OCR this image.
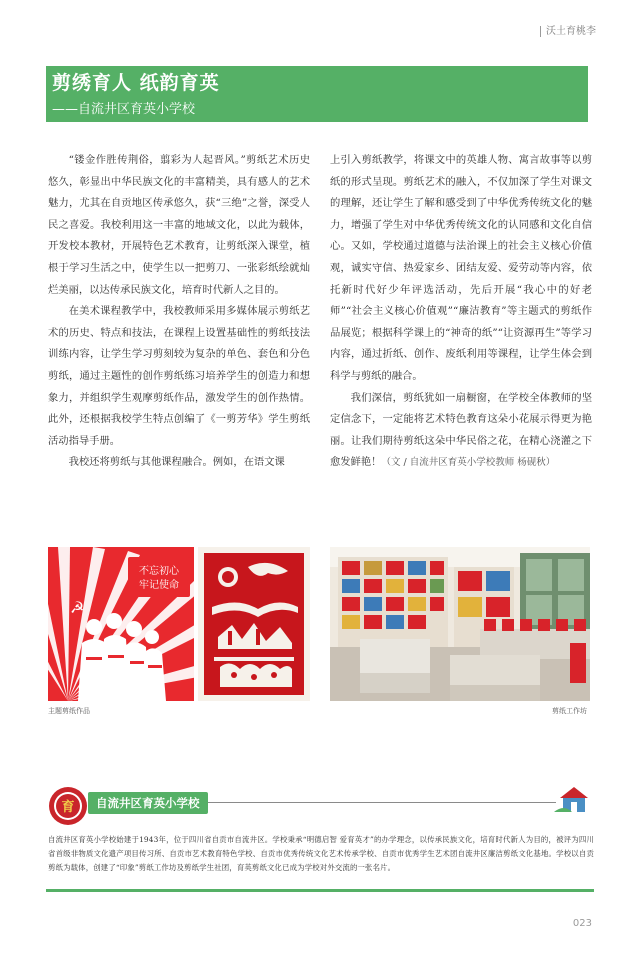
沃土育桃李
剪绣育人 纸韵育英
——自流井区育英小学校

“镂金作胜传荆俗，翦彩为人起晋风。”剪纸艺术历史悠久，彰显出中华民族文化的丰富精美，具有感人的艺术魅力，尤其在自贡地区传承悠久，获“三绝”之誉，深受人民之喜爱。我校利用这一丰富的地域文化，以此为载体，开发校本教材，开展特色艺术教育，让剪纸深入课堂，植根于学习生活之中，使学生以一把剪刀、一张彩纸绘就灿烂美丽，以达传承民族文化，培育时代新人之目的。

在美术课程教学中，我校教师采用多媒体展示剪纸艺术的历史、特点和技法，在课程上设置基础性的剪纸技法训练内容，让学生学习剪刻较为复杂的单色、套色和分色剪纸，通过主题性的创作剪纸练习培养学生的创造力和想象力，并组织学生观摩剪纸作品，激发学生的创作热情。此外，还根据我校学生特点创编了《一剪芳华》学生剪纸活动指导手册。

我校还将剪纸与其他课程融合。例如，在语文课

上引入剪纸教学，将课文中的英雄人物、寓言故事等以剪纸的形式呈现。剪纸艺术的融入，不仅加深了学生对课文的理解，还让学生了解和感受到了中华优秀传统文化的魅力，增强了学生对中华优秀传统文化的认同感和文化自信心。又如，学校通过道德与法治课上的社会主义核心价值观，诚实守信、热爱家乡、团结友爱、爱劳动等内容，依托新时代好少年评选活动，先后开展“我心中的好老师”“社会主义核心价值观”“廉洁教育”等主题式的剪纸作品展览；根据科学课上的“神奇的纸”“让资源再生”等学习内容，通过折纸、创作、废纸利用等课程，让学生体会到科学与剪纸的融合。

我们深信，剪纸犹如一扇橱窗，在学校全体教师的坚定信念下，一定能将艺术特色教育这朵小花展示得更为艳丽。让我们期待剪纸这朵中华民俗之花，在精心浇灌之下愈发鲜艳！（文 / 自流井区育英小学校教师 杨砚秋）

不忘初心
牢记使命
☭
主题剪纸作品	剪纸工作坊
育 自流井区育英小学校
自流井区育英小学校始建于1943年，位于四川省自贡市自流井区。学校秉承“明德启智 爱育英才”的办学理念，以传承民族文化，培育时代新人为目的，被评为四川省首级非物质文化遗产项目传习所、自贡市艺术教育特色学校、自贡市优秀传统文化艺术传承学校、自贡市优秀学生艺术团自流井区廉洁剪纸文化基地。学校以自贡剪纸为载体，创建了“印象”剪纸工作坊及剪纸学生社团，育英剪纸文化已成为学校对外交流的一张名片。
023
